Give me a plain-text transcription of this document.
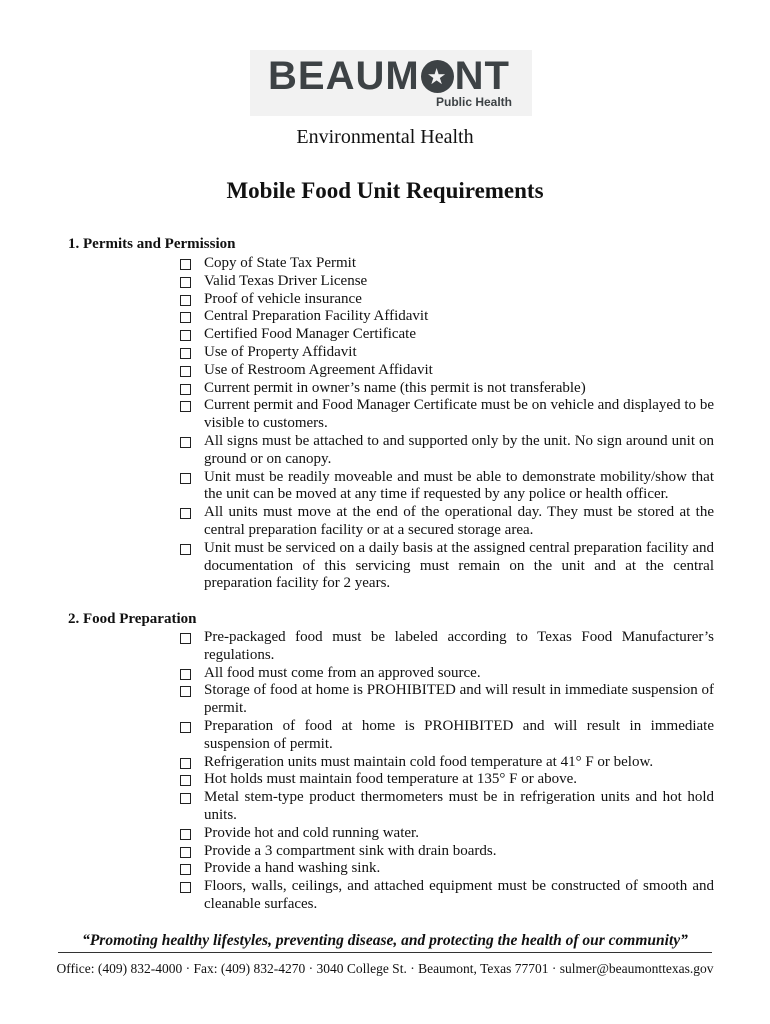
BEAUM ★ NT
Public Health
Environmental Health
Mobile Food Unit Requirements
1. Permits and Permission
Copy of State Tax Permit
Valid Texas Driver License
Proof of vehicle insurance
Central Preparation Facility Affidavit
Certified Food Manager Certificate
Use of Property Affidavit
Use of Restroom Agreement Affidavit
Current permit in owner’s name (this permit is not transferable)
Current permit and Food Manager Certificate must be on vehicle and displayed to be visible to customers.
All signs must be attached to and supported only by the unit. No sign around unit on ground or on canopy.
Unit must be readily moveable and must be able to demonstrate mobility/show that the unit can be moved at any time if requested by any police or health officer.
All units must move at the end of the operational day. They must be stored at the central preparation facility or at a secured storage area.
Unit must be serviced on a daily basis at the assigned central preparation facility and documentation of this servicing must remain on the unit and at the central preparation facility for 2 years.
2. Food Preparation
Pre-packaged food must be labeled according to Texas Food Manufacturer’s regulations.
All food must come from an approved source.
Storage of food at home is PROHIBITED and will result in immediate suspension of permit.
Preparation of food at home is PROHIBITED and will result in immediate suspension of permit.
Refrigeration units must maintain cold food temperature at 41° F or below.
Hot holds must maintain food temperature at 135° F or above.
Metal stem-type product thermometers must be in refrigeration units and hot hold units.
Provide hot and cold running water.
Provide a 3 compartment sink with drain boards.
Provide a hand washing sink.
Floors, walls, ceilings, and attached equipment must be constructed of smooth and cleanable surfaces.
“Promoting healthy lifestyles, preventing disease, and protecting the health of our community”
Office: (409) 832-4000 · Fax: (409) 832-4270 · 3040 College St. · Beaumont, Texas 77701 · sulmer@beaumonttexas.gov
